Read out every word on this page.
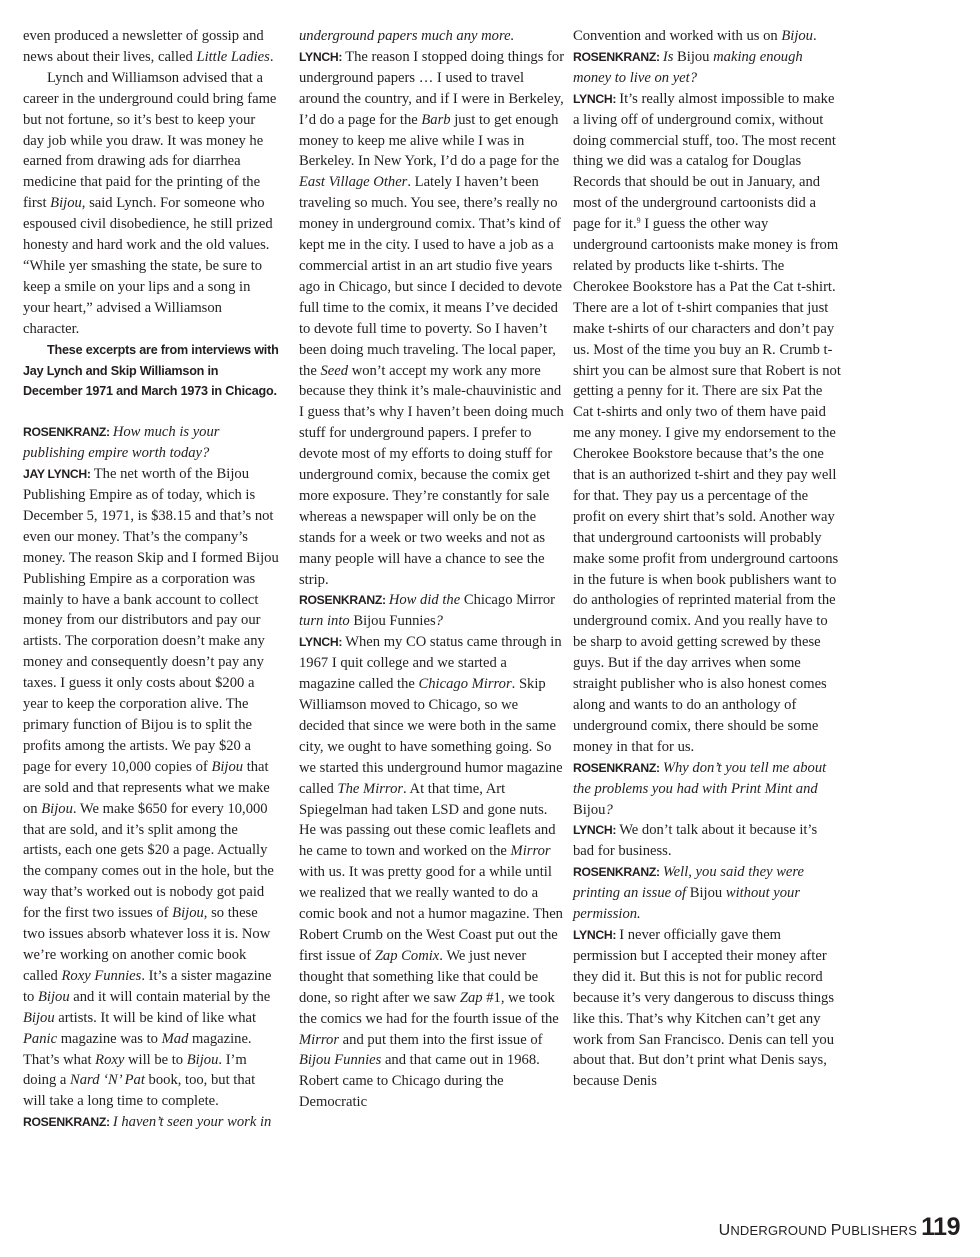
even produced a newsletter of gossip and news about their lives, called Little Ladies.

Lynch and Williamson advised that a career in the underground could bring fame but not fortune, so it’s best to keep your day job while you draw. It was money he earned from drawing ads for diarrhea medicine that paid for the printing of the first Bijou, said Lynch. For someone who espoused civil disobedience, he still prized honesty and hard work and the old values. “While yer smashing the state, be sure to keep a smile on your lips and a song in your heart,” advised a Williamson character.

These excerpts are from interviews with Jay Lynch and Skip Williamson in December 1971 and March 1973 in Chicago.

ROSENKRANZ: How much is your publishing empire worth today?

JAY LYNCH: The net worth of the Bijou Publishing Empire as of today, which is December 5, 1971, is $38.15 and that’s not even our money. That’s the company’s money. The reason Skip and I formed Bijou Publishing Empire as a corporation was mainly to have a bank account to collect money from our distributors and pay our artists. The corporation doesn’t make any money and consequently doesn’t pay any taxes. I guess it only costs about $200 a year to keep the corporation alive. The primary function of Bijou is to split the profits among the artists. We pay $20 a page for every 10,000 copies of Bijou that are sold and that represents what we make on Bijou. We make $650 for every 10,000 that are sold, and it’s split among the artists, each one gets $20 a page. Actually the company comes out in the hole, but the way that’s worked out is nobody got paid for the first two issues of Bijou, so these two issues absorb whatever loss it is. Now we’re working on another comic book called Roxy Funnies. It’s a sister magazine to Bijou and it will contain material by the Bijou artists. It will be kind of like what Panic magazine was to Mad magazine. That’s what Roxy will be to Bijou. I’m doing a Nard ‘N’ Pat book, too, but that will take a long time to complete.

ROSENKRANZ: I haven’t seen your work in

underground papers much any more.

LYNCH: The reason I stopped doing things for underground papers … I used to travel around the country, and if I were in Berkeley, I’d do a page for the Barb just to get enough money to keep me alive while I was in Berkeley. In New York, I’d do a page for the East Village Other. Lately I haven’t been traveling so much. You see, there’s really no money in underground comix. That’s kind of kept me in the city. I used to have a job as a commercial artist in an art studio five years ago in Chicago, but since I decided to devote full time to the comix, it means I’ve decided to devote full time to poverty. So I haven’t been doing much traveling. The local paper, the Seed won’t accept my work any more because they think it’s male-chauvinistic and I guess that’s why I haven’t been doing much stuff for underground papers. I prefer to devote most of my efforts to doing stuff for underground comix, because the comix get more exposure. They’re constantly for sale whereas a newspaper will only be on the stands for a week or two weeks and not as many people will have a chance to see the strip.

ROSENKRANZ: How did the Chicago Mirror turn into Bijou Funnies?

LYNCH: When my CO status came through in 1967 I quit college and we started a magazine called the Chicago Mirror. Skip Williamson moved to Chicago, so we decided that since we were both in the same city, we ought to have something going. So we started this underground humor magazine called The Mirror. At that time, Art Spiegelman had taken LSD and gone nuts. He was passing out these comic leaflets and he came to town and worked on the Mirror with us. It was pretty good for a while until we realized that we really wanted to do a comic book and not a humor magazine. Then Robert Crumb on the West Coast put out the first issue of Zap Comix. We just never thought that something like that could be done, so right after we saw Zap #1, we took the comics we had for the fourth issue of the Mirror and put them into the first issue of Bijou Funnies and that came out in 1968. Robert came to Chicago during the Democratic

Convention and worked with us on Bijou.

ROSENKRANZ: Is Bijou making enough money to live on yet?

LYNCH: It’s really almost impossible to make a living off of underground comix, without doing commercial stuff, too. The most recent thing we did was a catalog for Douglas Records that should be out in January, and most of the underground cartoonists did a page for it.$^9$ I guess the other way underground cartoonists make money is from related by products like t-shirts. The Cherokee Bookstore has a Pat the Cat t-shirt. There are a lot of t-shirt companies that just make t-shirts of our characters and don’t pay us. Most of the time you buy an R. Crumb t-shirt you can be almost sure that Robert is not getting a penny for it. There are six Pat the Cat t-shirts and only two of them have paid me any money. I give my endorsement to the Cherokee Bookstore because that’s the one that is an authorized t-shirt and they pay well for that. They pay us a percentage of the profit on every shirt that’s sold. Another way that underground cartoonists will probably make some profit from underground cartoons in the future is when book publishers want to do anthologies of reprinted material from the underground comix. And you really have to be sharp to avoid getting screwed by these guys. But if the day arrives when some straight publisher who is also honest comes along and wants to do an anthology of underground comix, there should be some money in that for us.

ROSENKRANZ: Why don’t you tell me about the problems you had with Print Mint and Bijou?

LYNCH: We don’t talk about it because it’s bad for business.

ROSENKRANZ: Well, you said they were printing an issue of Bijou without your permission.

LYNCH: I never officially gave them permission but I accepted their money after they did it. But this is not for public record because it’s very dangerous to discuss things like this. That’s why Kitchen can’t get any work from San Francisco. Denis can tell you about that. But don’t print what Denis says, because Denis

UNDERGROUND PUBLISHERS 119
